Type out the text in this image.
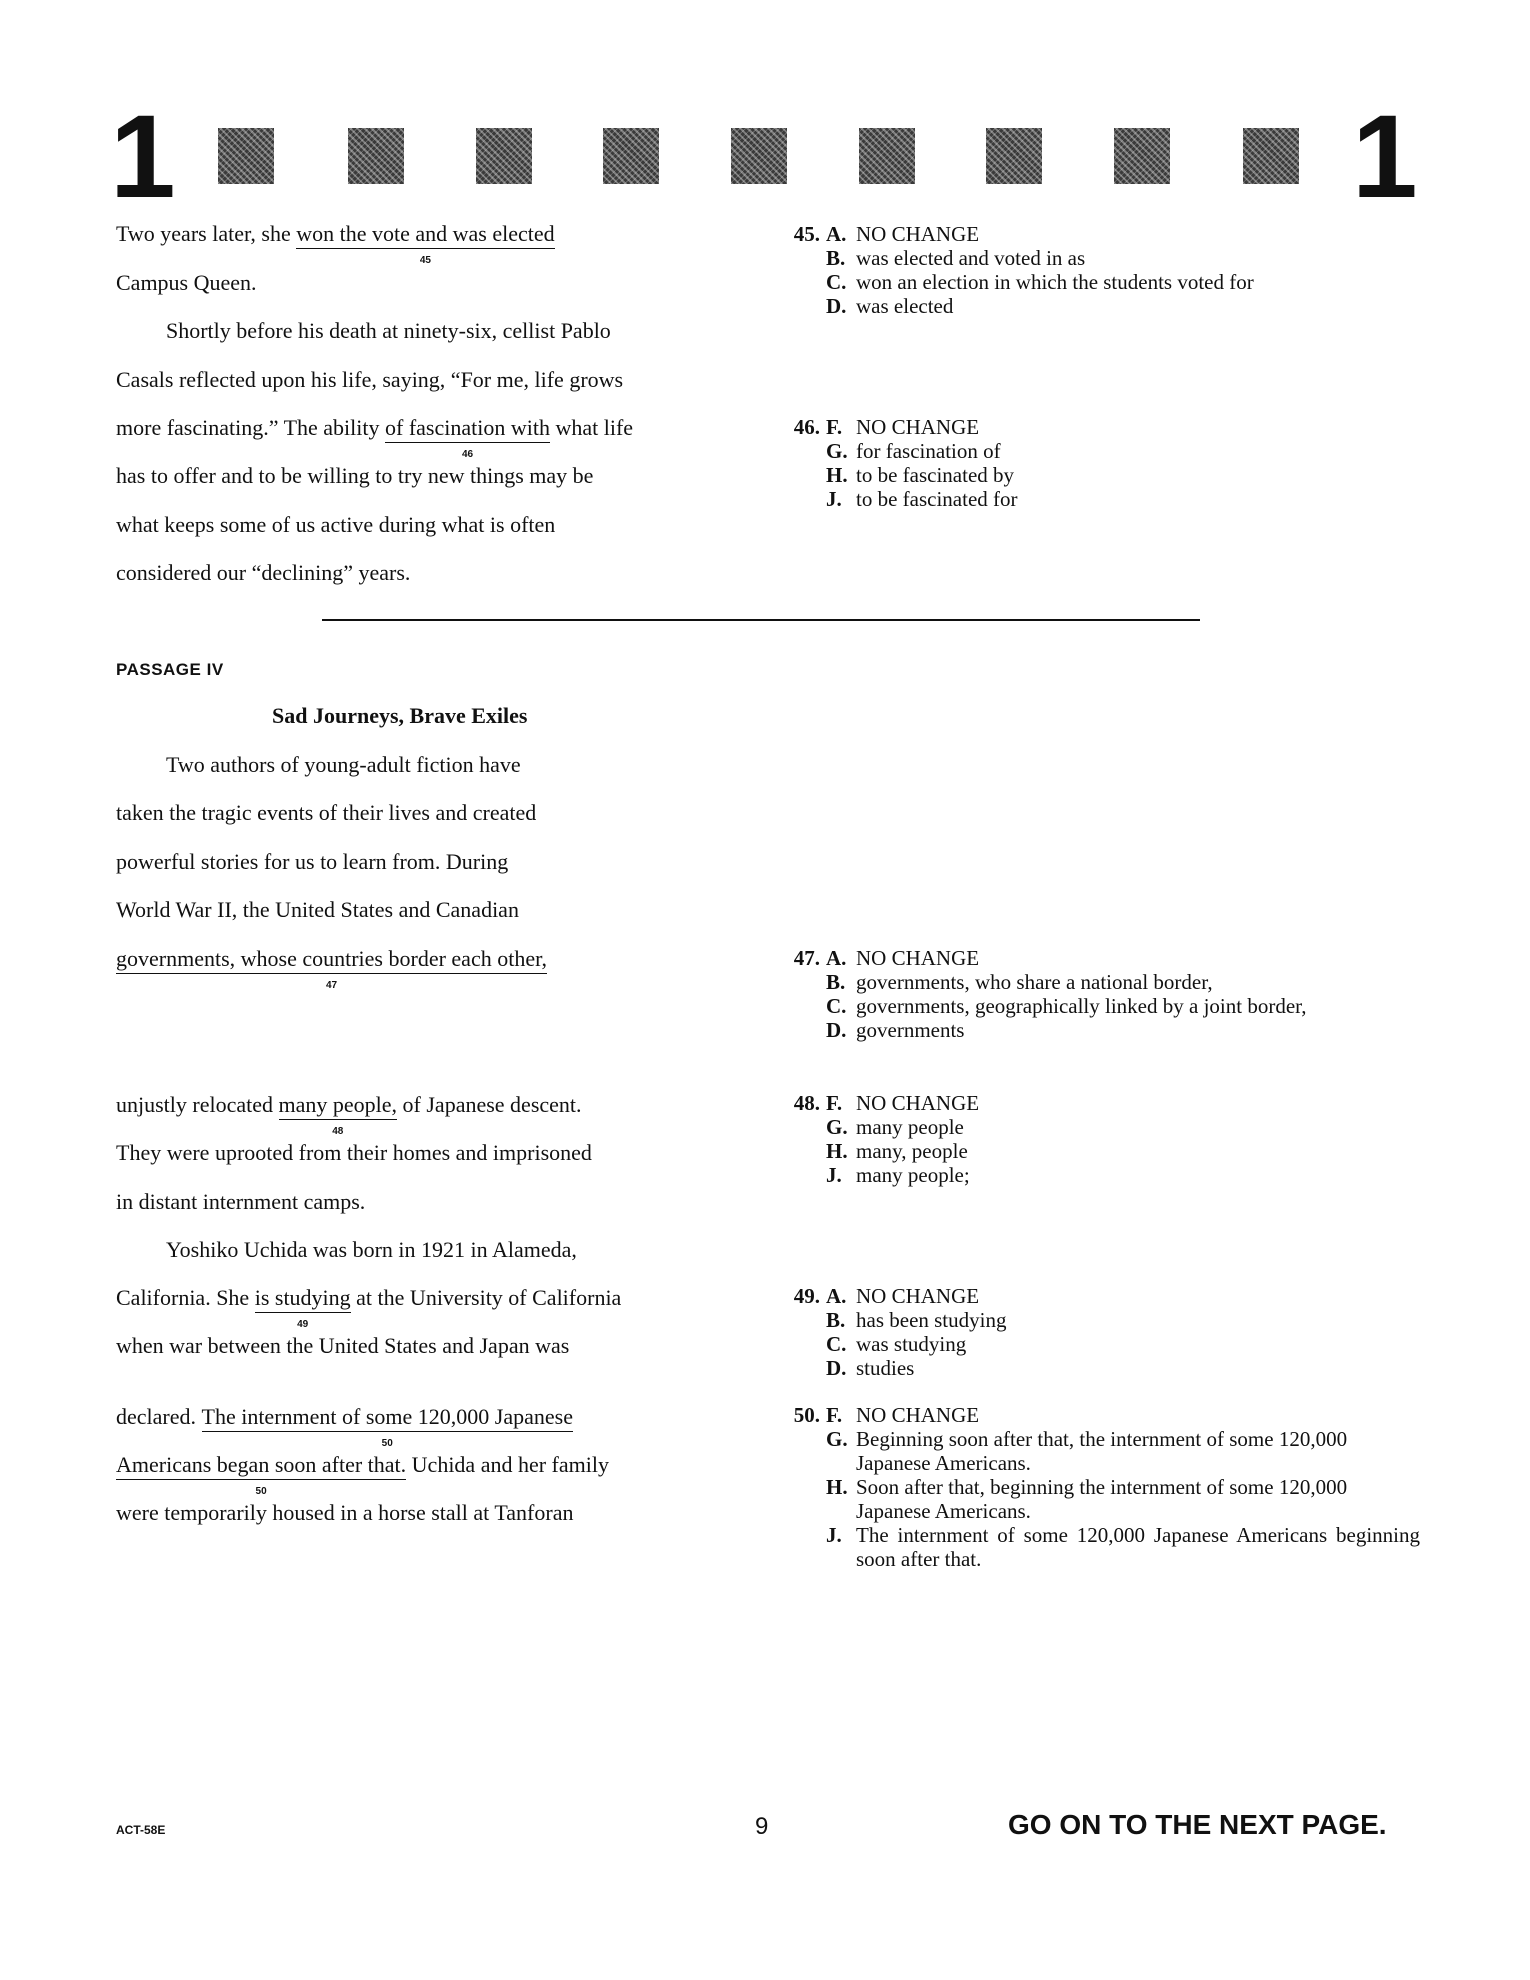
1	1
Two years later, she won the vote and was elected
45
Campus Queen.
Shortly before his death at ninety-six, cellist Pablo
Casals reflected upon his life, saying, “For me, life grows
more fascinating.” The ability of fascination with
46
what life
has to offer and to be willing to try new things may be
what keeps some of us active during what is often
considered our “declining” years.
PASSAGE IV
Sad Journeys, Brave Exiles
Two authors of young-adult fiction have
taken the tragic events of their lives and created
powerful stories for us to learn from. During
World War II, the United States and Canadian
governments, whose countries border each other,
47
unjustly relocated many people,
48
of Japanese descent.
They were uprooted from their homes and imprisoned
in distant internment camps.
Yoshiko Uchida was born in 1921 in Alameda,
California. She is studying
49
at the University of California
when war between the United States and Japan was
declared. The internment of some 120,000 Japanese
50
Americans began soon after that.
50
Uchida and her family
were temporarily housed in a horse stall at Tanforan
45. A. NO CHANGE
B. was elected and voted in as
C. won an election in which the students voted for
D. was elected
46. F. NO CHANGE
G. for fascination of
H. to be fascinated by
J. to be fascinated for
47. A. NO CHANGE
B. governments, who share a national border,
C. governments, geographically linked by a joint border,
D. governments
48. F. NO CHANGE
G. many people
H. many, people
J. many people;
49. A. NO CHANGE
B. has been studying
C. was studying
D. studies
50. F. NO CHANGE
G. Beginning soon after that, the internment of some 120,000 Japanese Americans.
H. Soon after that, beginning the internment of some 120,000 Japanese Americans.
J. The internment of some 120,000 Japanese Americans beginning soon after that.
ACT-58E	9	GO ON TO THE NEXT PAGE.
